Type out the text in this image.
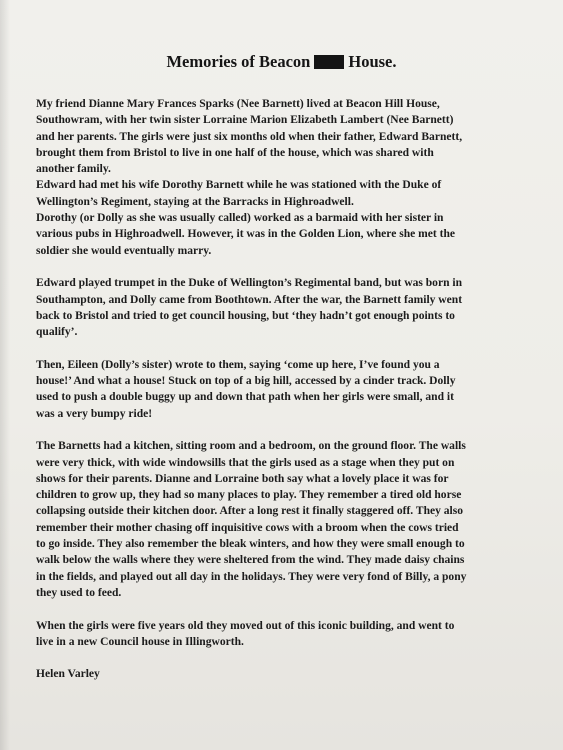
Memories of Beacon House.
My friend Dianne Mary Frances Sparks (Nee Barnett) lived at Beacon Hill House,
Southowram, with her twin sister Lorraine Marion Elizabeth Lambert (Nee Barnett)
and her parents. The girls were just six months old when their father, Edward Barnett,
brought them from Bristol to live in one half of the house, which was shared with
another family.
Edward had met his wife Dorothy Barnett while he was stationed with the Duke of
Wellington’s Regiment, staying at the Barracks in Highroadwell.
Dorothy (or Dolly as she was usually called) worked as a barmaid with her sister in
various pubs in Highroadwell. However, it was in the Golden Lion, where she met the
soldier she would eventually marry.
Edward played trumpet in the Duke of Wellington’s Regimental band, but was born in
Southampton, and Dolly came from Boothtown. After the war, the Barnett family went
back to Bristol and tried to get council housing, but ‘they hadn’t got enough points to
qualify’.
Then, Eileen (Dolly’s sister) wrote to them, saying ‘come up here, I’ve found you a
house!’ And what a house! Stuck on top of a big hill, accessed by a cinder track. Dolly
used to push a double buggy up and down that path when her girls were small, and it
was a very bumpy ride!
The Barnetts had a kitchen, sitting room and a bedroom, on the ground floor. The walls
were very thick, with wide windowsills that the girls used as a stage when they put on
shows for their parents. Dianne and Lorraine both say what a lovely place it was for
children to grow up, they had so many places to play. They remember a tired old horse
collapsing outside their kitchen door. After a long rest it finally staggered off. They also
remember their mother chasing off inquisitive cows with a broom when the cows tried
to go inside. They also remember the bleak winters, and how they were small enough to
walk below the walls where they were sheltered from the wind. They made daisy chains
in the fields, and played out all day in the holidays. They were very fond of Billy, a pony
they used to feed.
When the girls were five years old they moved out of this iconic building, and went to
live in a new Council house in Illingworth.
Helen Varley
